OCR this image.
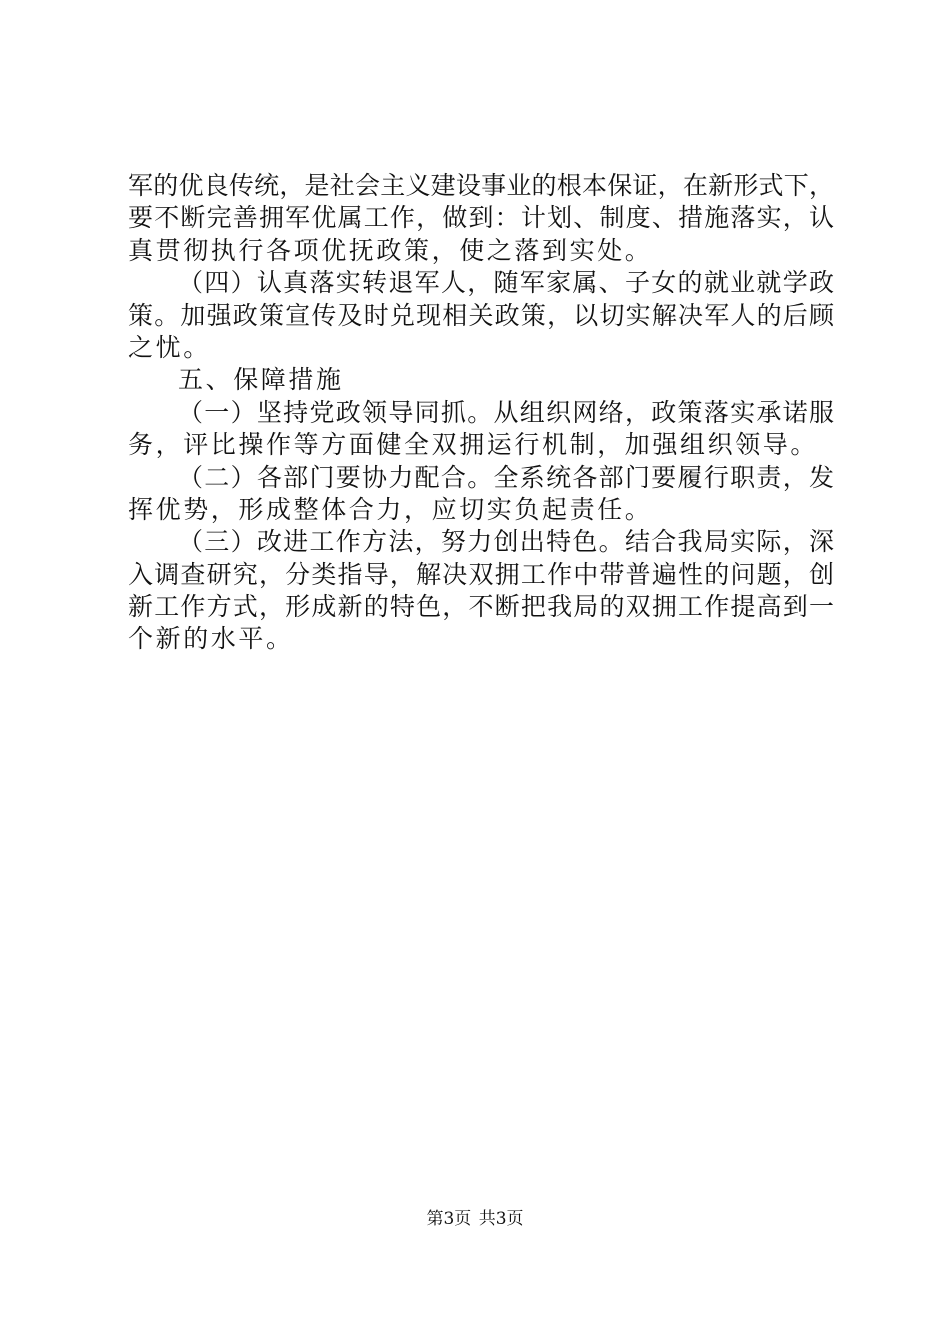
军的优良传统，是社会主义建设事业的根本保证，在新形式下，
要不断完善拥军优属工作，做到：计划、制度、措施落实，认
真贯彻执行各项优抚政策，使之落到实处。
（四）认真落实转退军人，随军家属、子女的就业就学政
策。加强政策宣传及时兑现相关政策，以切实解决军人的后顾
之忧。
五、保障措施
（一）坚持党政领导同抓。从组织网络，政策落实承诺服
务，评比操作等方面健全双拥运行机制，加强组织领导。
（二）各部门要协力配合。全系统各部门要履行职责，发
挥优势，形成整体合力，应切实负起责任。
（三）改进工作方法，努力创出特色。结合我局实际，深
入调查研究，分类指导，解决双拥工作中带普遍性的问题，创
新工作方式，形成新的特色，不断把我局的双拥工作提高到一
个新的水平。
第3页 共3页
